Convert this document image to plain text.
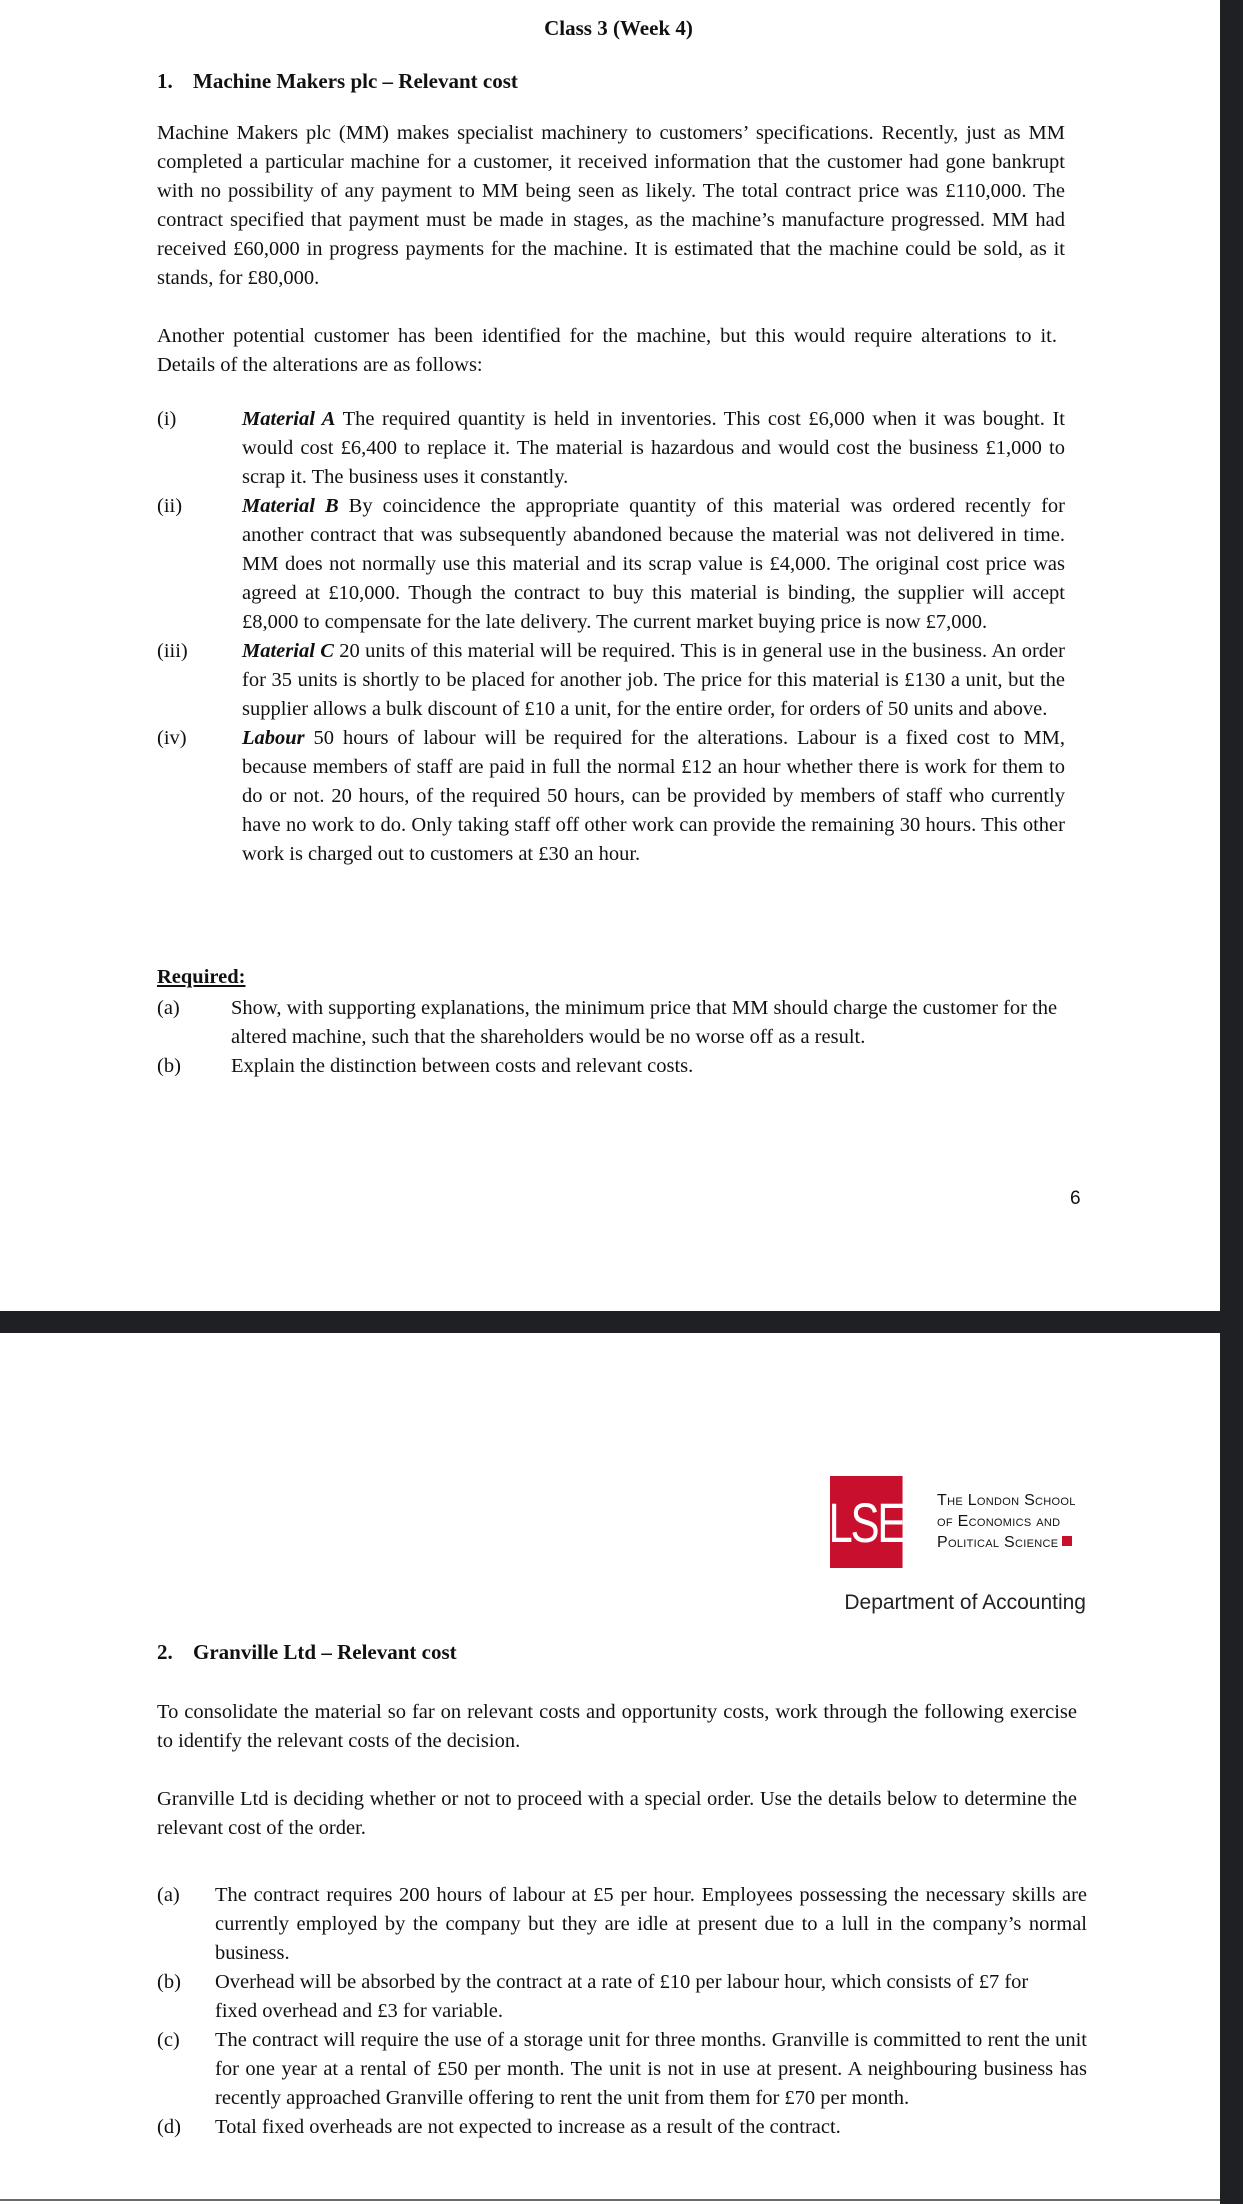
Class 3 (Week 4)
1. Machine Makers plc – Relevant cost

Machine Makers plc (MM) makes specialist machinery to customers’ specifications. Recently, just as MM completed a particular machine for a customer, it received information that the customer had gone bankrupt with no possibility of any payment to MM being seen as likely. The total contract price was £110,000. The contract specified that payment must be made in stages, as the machine’s manufacture progressed. MM had received £60,000 in progress payments for the machine. It is estimated that the machine could be sold, as it stands, for £80,000.

Another potential customer has been identified for the machine, but this would require alterations to it. Details of the alterations are as follows:

(i)	Material A The required quantity is held in inventories. This cost £6,000 when it was bought. It would cost £6,400 to replace it. The material is hazardous and would cost the business £1,000 to scrap it. The business uses it constantly.
(ii)	Material B By coincidence the appropriate quantity of this material was ordered recently for another contract that was subsequently abandoned because the material was not delivered in time. MM does not normally use this material and its scrap value is £4,000. The original cost price was agreed at £10,000. Though the contract to buy this material is binding, the supplier will accept £8,000 to compensate for the late delivery. The current market buying price is now £7,000.
(iii)	Material C 20 units of this material will be required. This is in general use in the business. An order for 35 units is shortly to be placed for another job. The price for this material is £130 a unit, but the supplier allows a bulk discount of £10 a unit, for the entire order, for orders of 50 units and above.
(iv)	Labour 50 hours of labour will be required for the alterations. Labour is a fixed cost to MM, because members of staff are paid in full the normal £12 an hour whether there is work for them to do or not. 20 hours, of the required 50 hours, can be provided by members of staff who currently have no work to do. Only taking staff off other work can provide the remaining 30 hours. This other work is charged out to customers at £30 an hour.
Required:
(a)	Show, with supporting explanations, the minimum price that MM should charge the customer for the altered machine, such that the shareholders would be no worse off as a result.
(b)	Explain the distinction between costs and relevant costs.
6
LSE The London School
of Economics and
Political Science
Department of Accounting
2. Granville Ltd – Relevant cost

To consolidate the material so far on relevant costs and opportunity costs, work through the following exercise to identify the relevant costs of the decision.

Granville Ltd is deciding whether or not to proceed with a special order. Use the details below to determine the relevant cost of the order.

(a)	The contract requires 200 hours of labour at £5 per hour. Employees possessing the necessary skills are currently employed by the company but they are idle at present due to a lull in the company’s normal business.
(b)	Overhead will be absorbed by the contract at a rate of £10 per labour hour, which consists of £7 for fixed overhead and £3 for variable.
(c)	The contract will require the use of a storage unit for three months. Granville is committed to rent the unit for one year at a rental of £50 per month. The unit is not in use at present. A neighbouring business has recently approached Granville offering to rent the unit from them for £70 per month.
(d)	Total fixed overheads are not expected to increase as a result of the contract.
